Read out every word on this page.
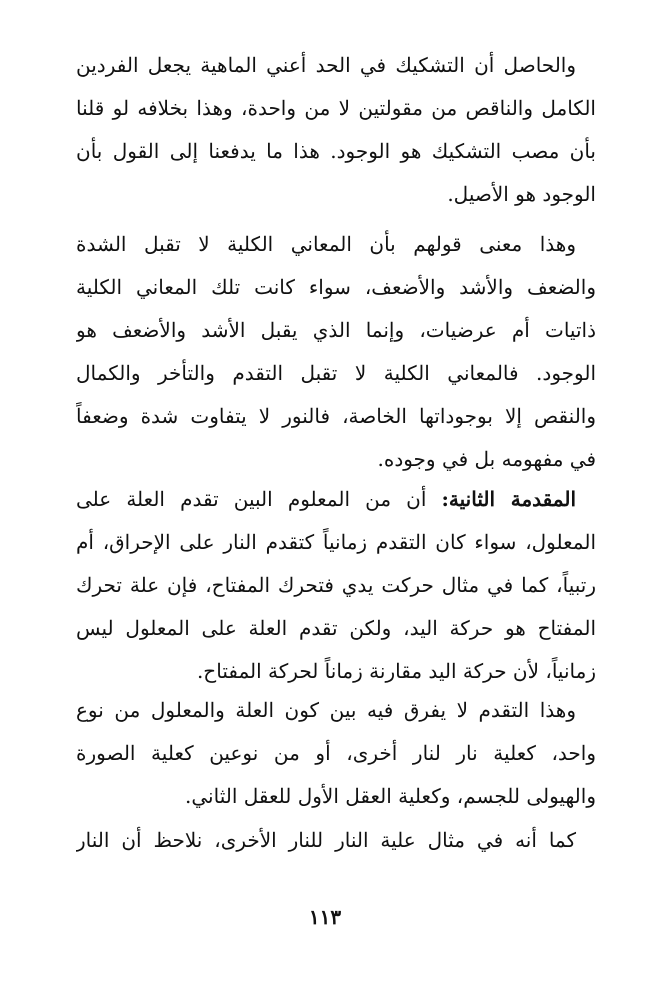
والحاصل أن التشكيك في الحد أعني الماهية يجعل الفردين
الكامل والناقص من مقولتين لا من واحدة، وهذا بخلافه لو قلنا
بأن مصب التشكيك هو الوجود. هذا ما يدفعنا إلى القول بأن
الوجود هو الأصيل.
وهذا معنى قولهم بأن المعاني الكلية لا تقبل الشدة
والضعف والأشد والأضعف، سواء كانت تلك المعاني الكلية
ذاتيات أم عرضيات، وإنما الذي يقبل الأشد والأضعف هو
الوجود. فالمعاني الكلية لا تقبل التقدم والتأخر والكمال
والنقص إلا بوجوداتها الخاصة، فالنور لا يتفاوت شدة وضعفاً
في مفهومه بل في وجوده.
المقدمة الثانية: أن من المعلوم البين تقدم العلة على
المعلول، سواء كان التقدم زمانياً كتقدم النار على الإحراق، أم
رتبياً، كما في مثال حركت يدي فتحرك المفتاح، فإن علة تحرك
المفتاح هو حركة اليد، ولكن تقدم العلة على المعلول ليس
زمانياً، لأن حركة اليد مقارنة زماناً لحركة المفتاح.
وهذا التقدم لا يفرق فيه بين كون العلة والمعلول من نوع
واحد، كعلية نار لنار أخرى، أو من نوعين كعلية الصورة
والهيولى للجسم، وكعلية العقل الأول للعقل الثاني.
كما أنه في مثال علية النار للنار الأخرى، نلاحظ أن النار
١١٣
